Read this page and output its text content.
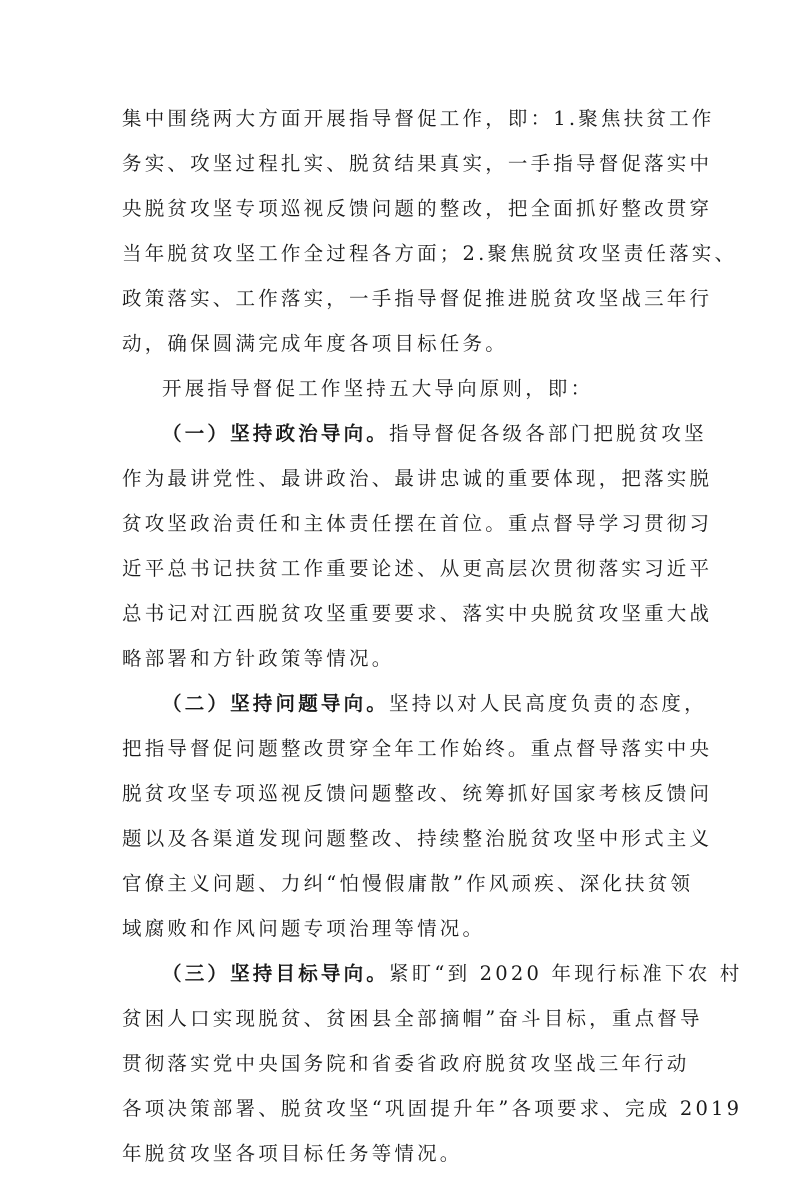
集中围绕两大方面开展指导督促工作，即：1.聚焦扶贫工作
务实、攻坚过程扎实、脱贫结果真实，一手指导督促落实中
央脱贫攻坚专项巡视反馈问题的整改，把全面抓好整改贯穿
当年脱贫攻坚工作全过程各方面；2.聚焦脱贫攻坚责任落实、
政策落实、工作落实，一手指导督促推进脱贫攻坚战三年行
动，确保圆满完成年度各项目标任务。
开展指导督促工作坚持五大导向原则，即：
（一）坚持政治导向。指导督促各级各部门把脱贫攻坚
作为最讲党性、最讲政治、最讲忠诚的重要体现，把落实脱
贫攻坚政治责任和主体责任摆在首位。重点督导学习贯彻习
近平总书记扶贫工作重要论述、从更高层次贯彻落实习近平
总书记对江西脱贫攻坚重要要求、落实中央脱贫攻坚重大战
略部署和方针政策等情况。
（二）坚持问题导向。坚持以对人民高度负责的态度，
把指导督促问题整改贯穿全年工作始终。重点督导落实中央
脱贫攻坚专项巡视反馈问题整改、统筹抓好国家考核反馈问
题以及各渠道发现问题整改、持续整治脱贫攻坚中形式主义
官僚主义问题、力纠“怕慢假庸散”作风顽疾、深化扶贫领
域腐败和作风问题专项治理等情况。
（三）坚持目标导向。紧盯“到 2020 年现行标准下农 村
贫困人口实现脱贫、贫困县全部摘帽”奋斗目标，重点督导
贯彻落实党中央国务院和省委省政府脱贫攻坚战三年行动
各项决策部署、脱贫攻坚“巩固提升年”各项要求、完成 2019
年脱贫攻坚各项目标任务等情况。
